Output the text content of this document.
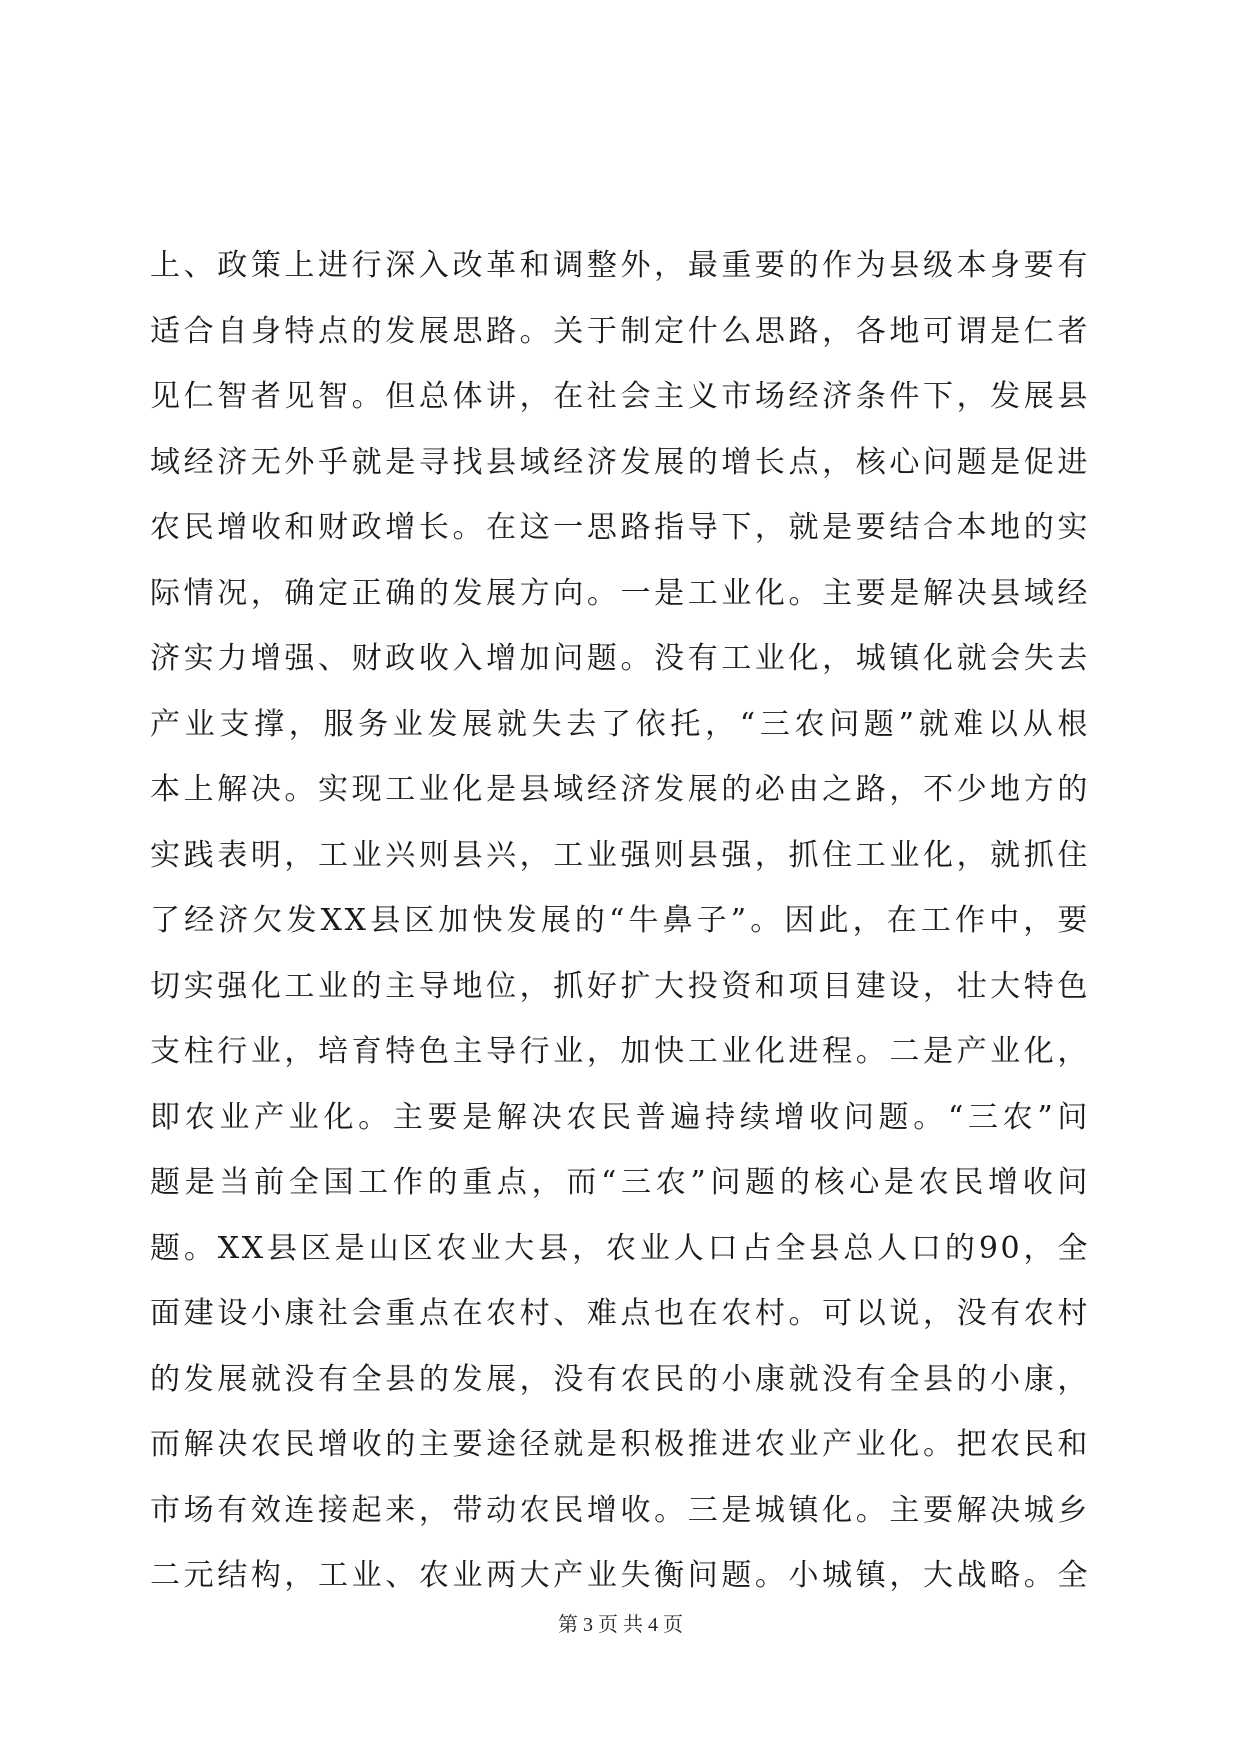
上、政策上进行深入改革和调整外，最重要的作为县级本身要有
适合自身特点的发展思路。关于制定什么思路，各地可谓是仁者
见仁智者见智。但总体讲，在社会主义市场经济条件下，发展县
域经济无外乎就是寻找县域经济发展的增长点，核心问题是促进
农民增收和财政增长。在这一思路指导下，就是要结合本地的实
际情况，确定正确的发展方向。一是工业化。主要是解决县域经
济实力增强、财政收入增加问题。没有工业化，城镇化就会失去
产业支撑，服务业发展就失去了依托，“三农问题”就难以从根
本上解决。实现工业化是县域经济发展的必由之路，不少地方的
实践表明，工业兴则县兴，工业强则县强，抓住工业化，就抓住
了经济欠发XX县区加快发展的“牛鼻子”。因此，在工作中，要
切实强化工业的主导地位，抓好扩大投资和项目建设，壮大特色
支柱行业，培育特色主导行业，加快工业化进程。二是产业化，
即农业产业化。主要是解决农民普遍持续增收问题。“三农”问
题是当前全国工作的重点，而“三农”问题的核心是农民增收问
题。XX县区是山区农业大县，农业人口占全县总人口的90，全
面建设小康社会重点在农村、难点也在农村。可以说，没有农村
的发展就没有全县的发展，没有农民的小康就没有全县的小康，
而解决农民增收的主要途径就是积极推进农业产业化。把农民和
市场有效连接起来，带动农民增收。三是城镇化。主要解决城乡
二元结构，工业、农业两大产业失衡问题。小城镇，大战略。全
第 3 页 共 4 页
